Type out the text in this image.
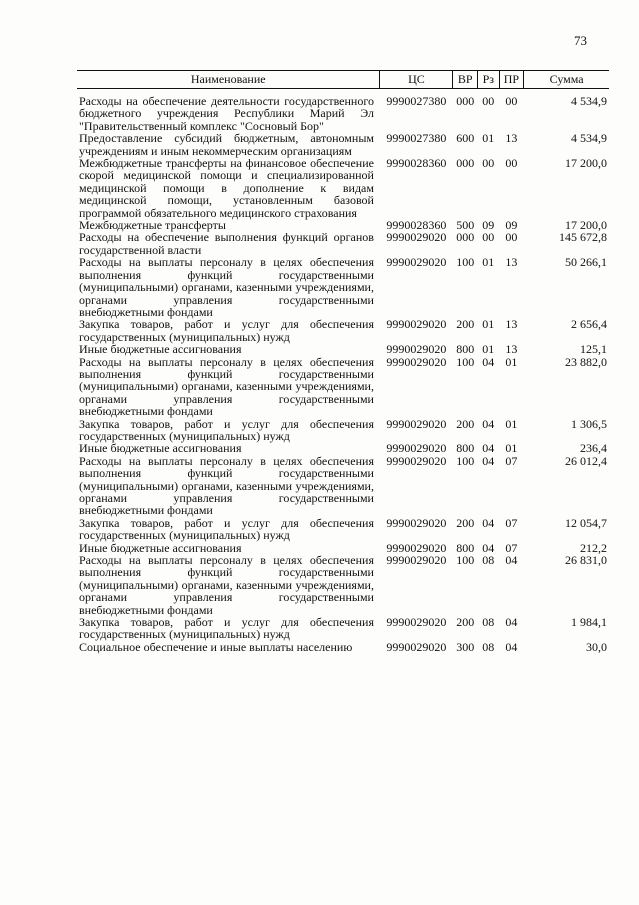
73
Наименование	ЦС	ВР	Рз	ПР	Сумма
Расходы на обеспечение деятельности государственного бюджетного учреждения Республики Марий Эл "Правительственный комплекс "Сосновый Бор"	9990027380	000	00	00	4 534,9
Предоставление субсидий бюджетным, автономным учреждениям и иным некоммерческим организациям	9990027380	600	01	13	4 534,9
Межбюджетные трансферты на финансовое обеспечение скорой медицинской помощи и специализированной медицинской помощи в дополнение к видам медицинской помощи, установленным базовой программой обязательного медицинского страхования	9990028360	000	00	00	17 200,0
Межбюджетные трансферты	9990028360	500	09	09	17 200,0
Расходы на обеспечение выполнения функций органов государственной власти	9990029020	000	00	00	145 672,8
Расходы на выплаты персоналу в целях обеспечения выполнения функций государственными (муниципальными) органами, казенными учреждениями, органами управления государственными внебюджетными фондами	9990029020	100	01	13	50 266,1
Закупка товаров, работ и услуг для обеспечения государственных (муниципальных) нужд	9990029020	200	01	13	2 656,4
Иные бюджетные ассигнования	9990029020	800	01	13	125,1
Расходы на выплаты персоналу в целях обеспечения выполнения функций государственными (муниципальными) органами, казенными учреждениями, органами управления государственными внебюджетными фондами	9990029020	100	04	01	23 882,0
Закупка товаров, работ и услуг для обеспечения государственных (муниципальных) нужд	9990029020	200	04	01	1 306,5
Иные бюджетные ассигнования	9990029020	800	04	01	236,4
Расходы на выплаты персоналу в целях обеспечения выполнения функций государственными (муниципальными) органами, казенными учреждениями, органами управления государственными внебюджетными фондами	9990029020	100	04	07	26 012,4
Закупка товаров, работ и услуг для обеспечения государственных (муниципальных) нужд	9990029020	200	04	07	12 054,7
Иные бюджетные ассигнования	9990029020	800	04	07	212,2
Расходы на выплаты персоналу в целях обеспечения выполнения функций государственными (муниципальными) органами, казенными учреждениями, органами управления государственными внебюджетными фондами	9990029020	100	08	04	26 831,0
Закупка товаров, работ и услуг для обеспечения государственных (муниципальных) нужд	9990029020	200	08	04	1 984,1
Социальное обеспечение и иные выплаты населению	9990029020	300	08	04	30,0
